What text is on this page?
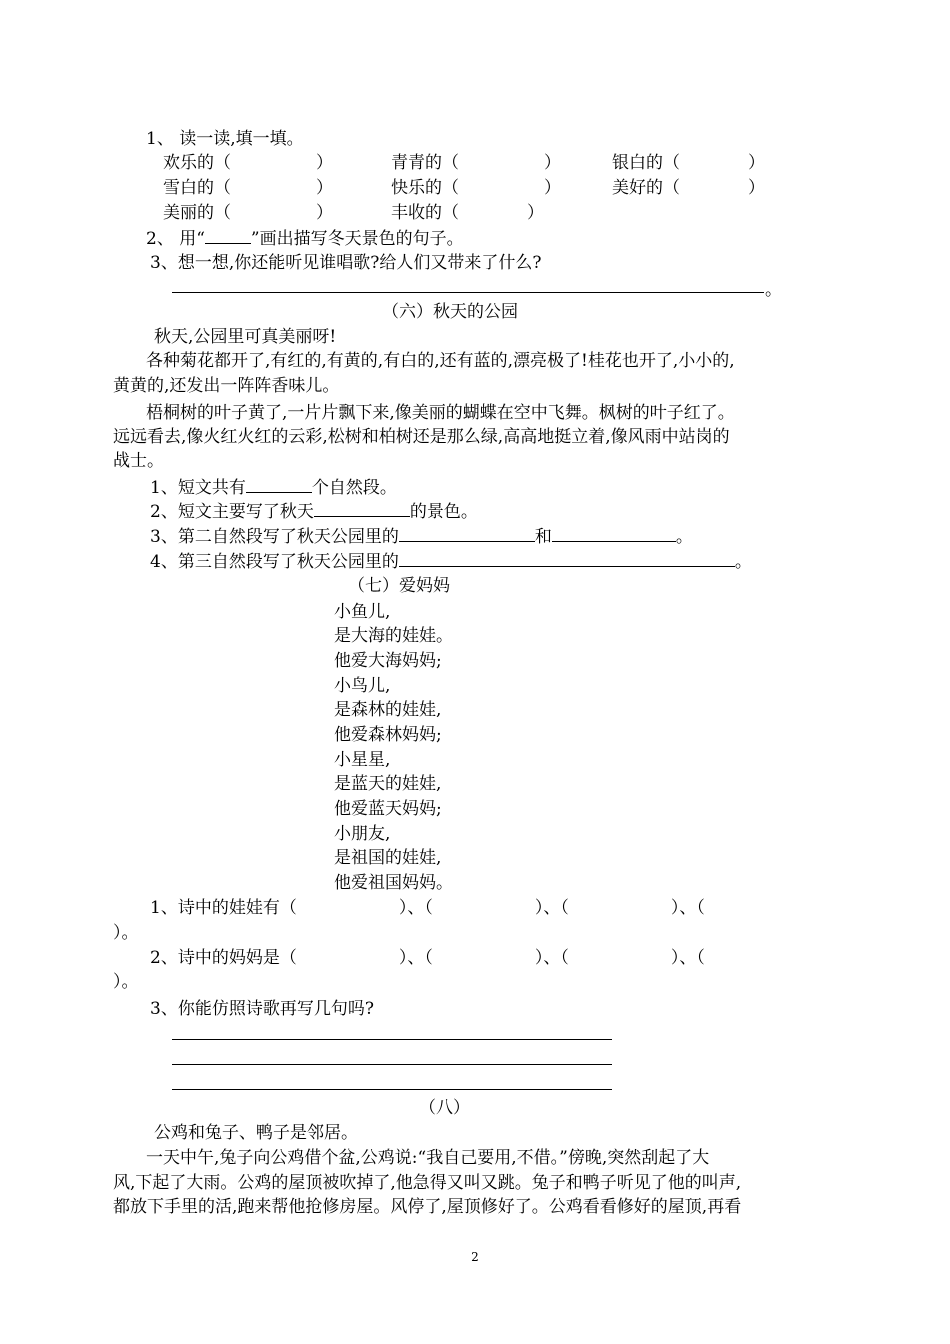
1、 读一读,填一填。
欢乐的（　　　　　）	青青的（　　　　　）	银白的（　　　　）
雪白的（　　　　　）	快乐的（　　　　　）	美好的（　　　　）
美丽的（　　　　　）	丰收的（　　　　）
2、 用“	”画出描写冬天景色的句子。
3、想一想,你还能听见谁唱歌?给人们又带来了什么?
。
（六）秋天的公园
秋天,公园里可真美丽呀!
各种菊花都开了,有红的,有黄的,有白的,还有蓝的,漂亮极了!桂花也开了,小小的,
黄黄的,还发出一阵阵香味儿。
梧桐树的叶子黄了,一片片飘下来,像美丽的蝴蝶在空中飞舞。枫树的叶子红了。
远远看去,像火红火红的云彩,松树和柏树还是那么绿,高高地挺立着,像风雨中站岗的
战士。
1、短文共有	个自然段。
2、短文主要写了秋天	的景色。
3、第二自然段写了秋天公园里的	和	。
4、第三自然段写了秋天公园里的	。
（七）爱妈妈
小鱼儿,
是大海的娃娃。
他爱大海妈妈;
小鸟儿,
是森林的娃娃,
他爱森林妈妈;
小星星,
是蓝天的娃娃,
他爱蓝天妈妈;
小朋友,
是祖国的娃娃,
他爱祖国妈妈。
1、诗中的娃娃有（　　　　　　）、（　　　　　　）、（　　　　　　）、（
）。
2、诗中的妈妈是（　　　　　　）、（　　　　　　）、（　　　　　　）、（
）。
3、你能仿照诗歌再写几句吗?
（八）
公鸡和兔子、鸭子是邻居。
一天中午,兔子向公鸡借个盆,公鸡说:“我自己要用,不借。”傍晚,突然刮起了大
风,下起了大雨。公鸡的屋顶被吹掉了,他急得又叫又跳。兔子和鸭子听见了他的叫声,
都放下手里的活,跑来帮他抢修房屋。风停了,屋顶修好了。公鸡看看修好的屋顶,再看
2
